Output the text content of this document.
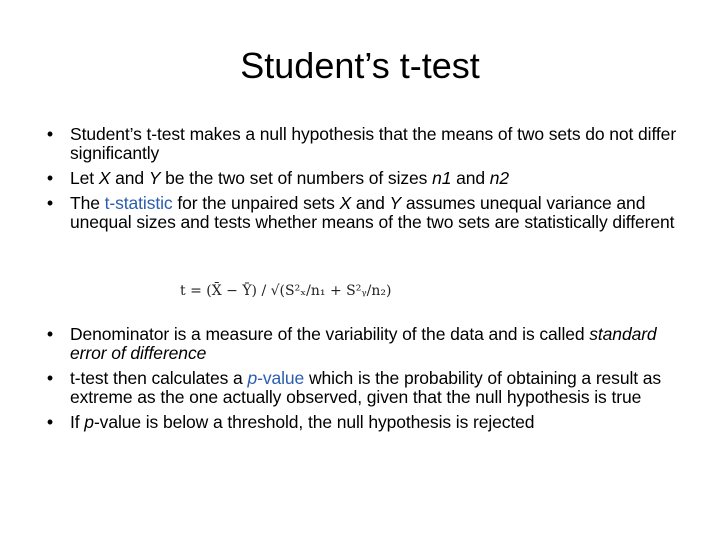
Student’s t-test
• Student’s t-test makes a null hypothesis that the means of two sets do not differ significantly
• Let X and Y be the two set of numbers of sizes n1 and n2
• The t-statistic for the unpaired sets X and Y assumes unequal variance and unequal sizes and tests whether means of the two sets are statistically different
t = (X̄ − Ȳ) / √(S²ₓ/n₁ + S²ᵧ/n₂)
• Denominator is a measure of the variability of the data and is called standard error of difference
• t-test then calculates a p-value which is the probability of obtaining a result as extreme as the one actually observed, given that the null hypothesis is true
• If p-value is below a threshold, the null hypothesis is rejected
